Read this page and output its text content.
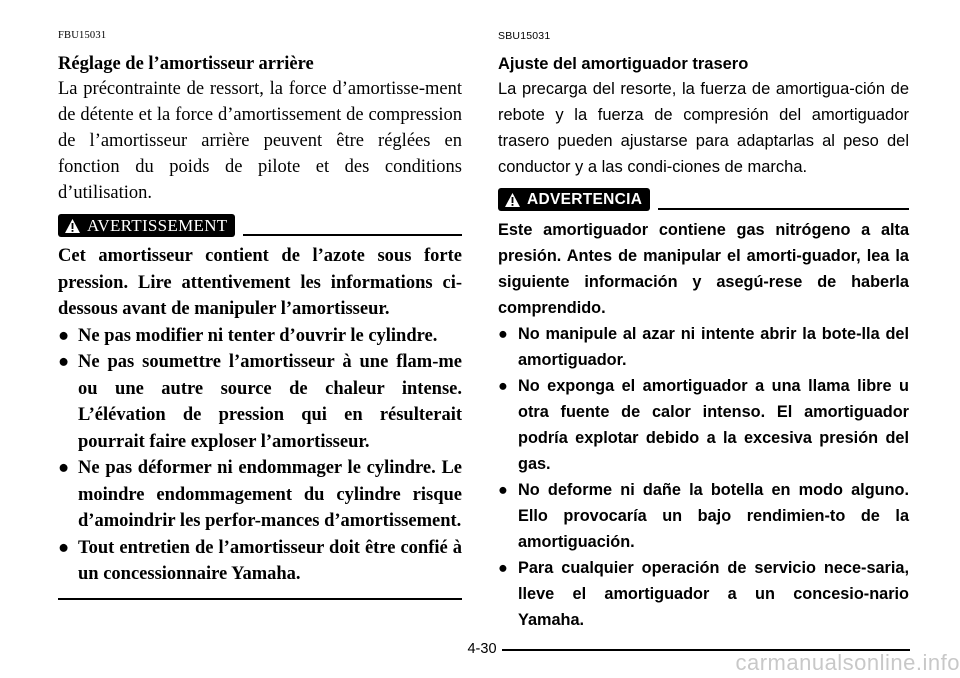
FBU15031
Réglage de l’amortisseur arrière

La précontrainte de ressort, la force d’amortisse-ment de détente et la force d’amortissement de compression de l’amortisseur arrière peuvent être réglées en fonction du poids de pilote et des conditions d’utilisation.

AVERTISSEMENT

Cet amortisseur contient de l’azote sous forte pression. Lire attentivement les informations ci-dessous avant de manipuler l’amortisseur.

● Ne pas modifier ni tenter d’ouvrir le cylindre.
● Ne pas soumettre l’amortisseur à une flam-me ou une autre source de chaleur intense. L’élévation de pression qui en résulterait pourrait faire exploser l’amortisseur.
● Ne pas déformer ni endommager le cylindre. Le moindre endommagement du cylindre risque d’amoindrir les perfor-mances d’amortissement.
● Tout entretien de l’amortisseur doit être confié à un concessionnaire Yamaha.
SBU15031
Ajuste del amortiguador trasero

La precarga del resorte, la fuerza de amortigua-ción de rebote y la fuerza de compresión del amortiguador trasero pueden ajustarse para adaptarlas al peso del conductor y a las condi-ciones de marcha.

ADVERTENCIA

Este amortiguador contiene gas nitrógeno a alta presión. Antes de manipular el amorti-guador, lea la siguiente información y asegú-rese de haberla comprendido.

● No manipule al azar ni intente abrir la bote-lla del amortiguador.
● No exponga el amortiguador a una llama libre u otra fuente de calor intenso. El amortiguador podría explotar debido a la excesiva presión del gas.
● No deforme ni dañe la botella en modo alguno. Ello provocaría un bajo rendimien-to de la amortiguación.
● Para cualquier operación de servicio nece-saria, lleve el amortiguador a un concesio-nario Yamaha.
4-30
carmanualsonline.info
